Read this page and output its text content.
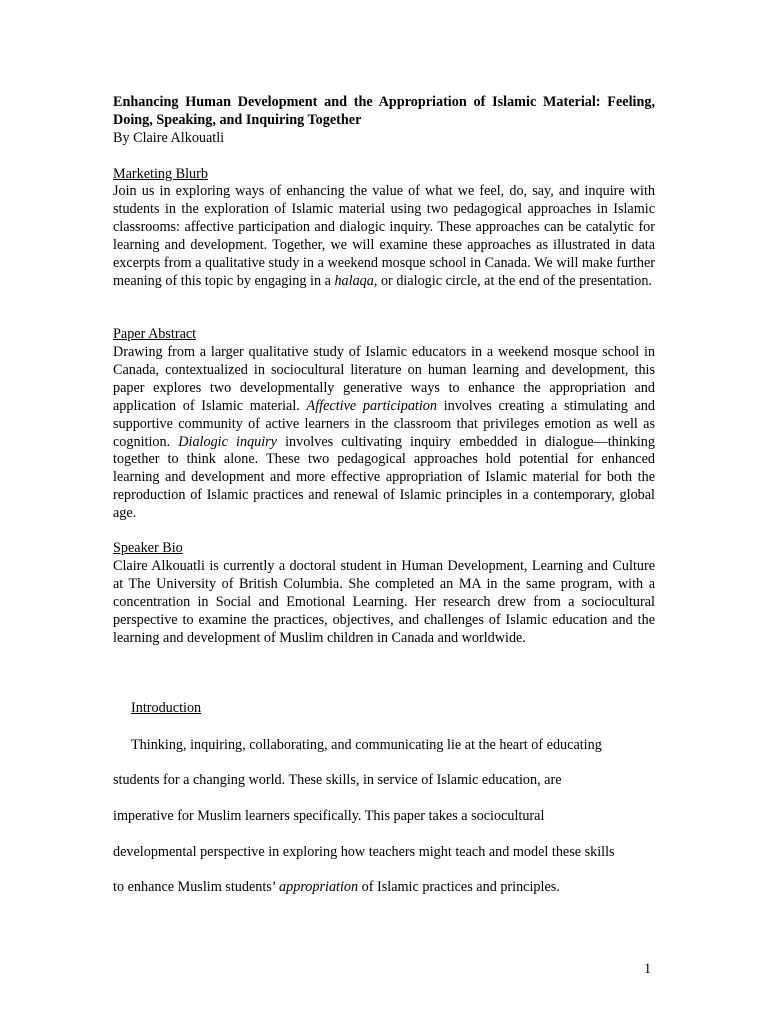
Enhancing Human Development and the Appropriation of Islamic Material: Feeling, Doing, Speaking, and Inquiring Together
By Claire Alkouatli
Marketing Blurb
Join us in exploring ways of enhancing the value of what we feel, do, say, and inquire with students in the exploration of Islamic material using two pedagogical approaches in Islamic classrooms: affective participation and dialogic inquiry. These approaches can be catalytic for learning and development. Together, we will examine these approaches as illustrated in data excerpts from a qualitative study in a weekend mosque school in Canada. We will make further meaning of this topic by engaging in a halaqa, or dialogic circle, at the end of the presentation.
Paper Abstract
Drawing from a larger qualitative study of Islamic educators in a weekend mosque school in Canada, contextualized in sociocultural literature on human learning and development, this paper explores two developmentally generative ways to enhance the appropriation and application of Islamic material. Affective participation involves creating a stimulating and supportive community of active learners in the classroom that privileges emotion as well as cognition. Dialogic inquiry involves cultivating inquiry embedded in dialogue—thinking together to think alone. These two pedagogical approaches hold potential for enhanced learning and development and more effective appropriation of Islamic material for both the reproduction of Islamic practices and renewal of Islamic principles in a contemporary, global age.
Speaker Bio
Claire Alkouatli is currently a doctoral student in Human Development, Learning and Culture at The University of British Columbia. She completed an MA in the same program, with a concentration in Social and Emotional Learning. Her research drew from a sociocultural perspective to examine the practices, objectives, and challenges of Islamic education and the learning and development of Muslim children in Canada and worldwide.
Introduction
Thinking, inquiring, collaborating, and communicating lie at the heart of educating
students for a changing world. These skills, in service of Islamic education, are
imperative for Muslim learners specifically. This paper takes a sociocultural
developmental perspective in exploring how teachers might teach and model these skills
to enhance Muslim students’ appropriation of Islamic practices and principles.
1
